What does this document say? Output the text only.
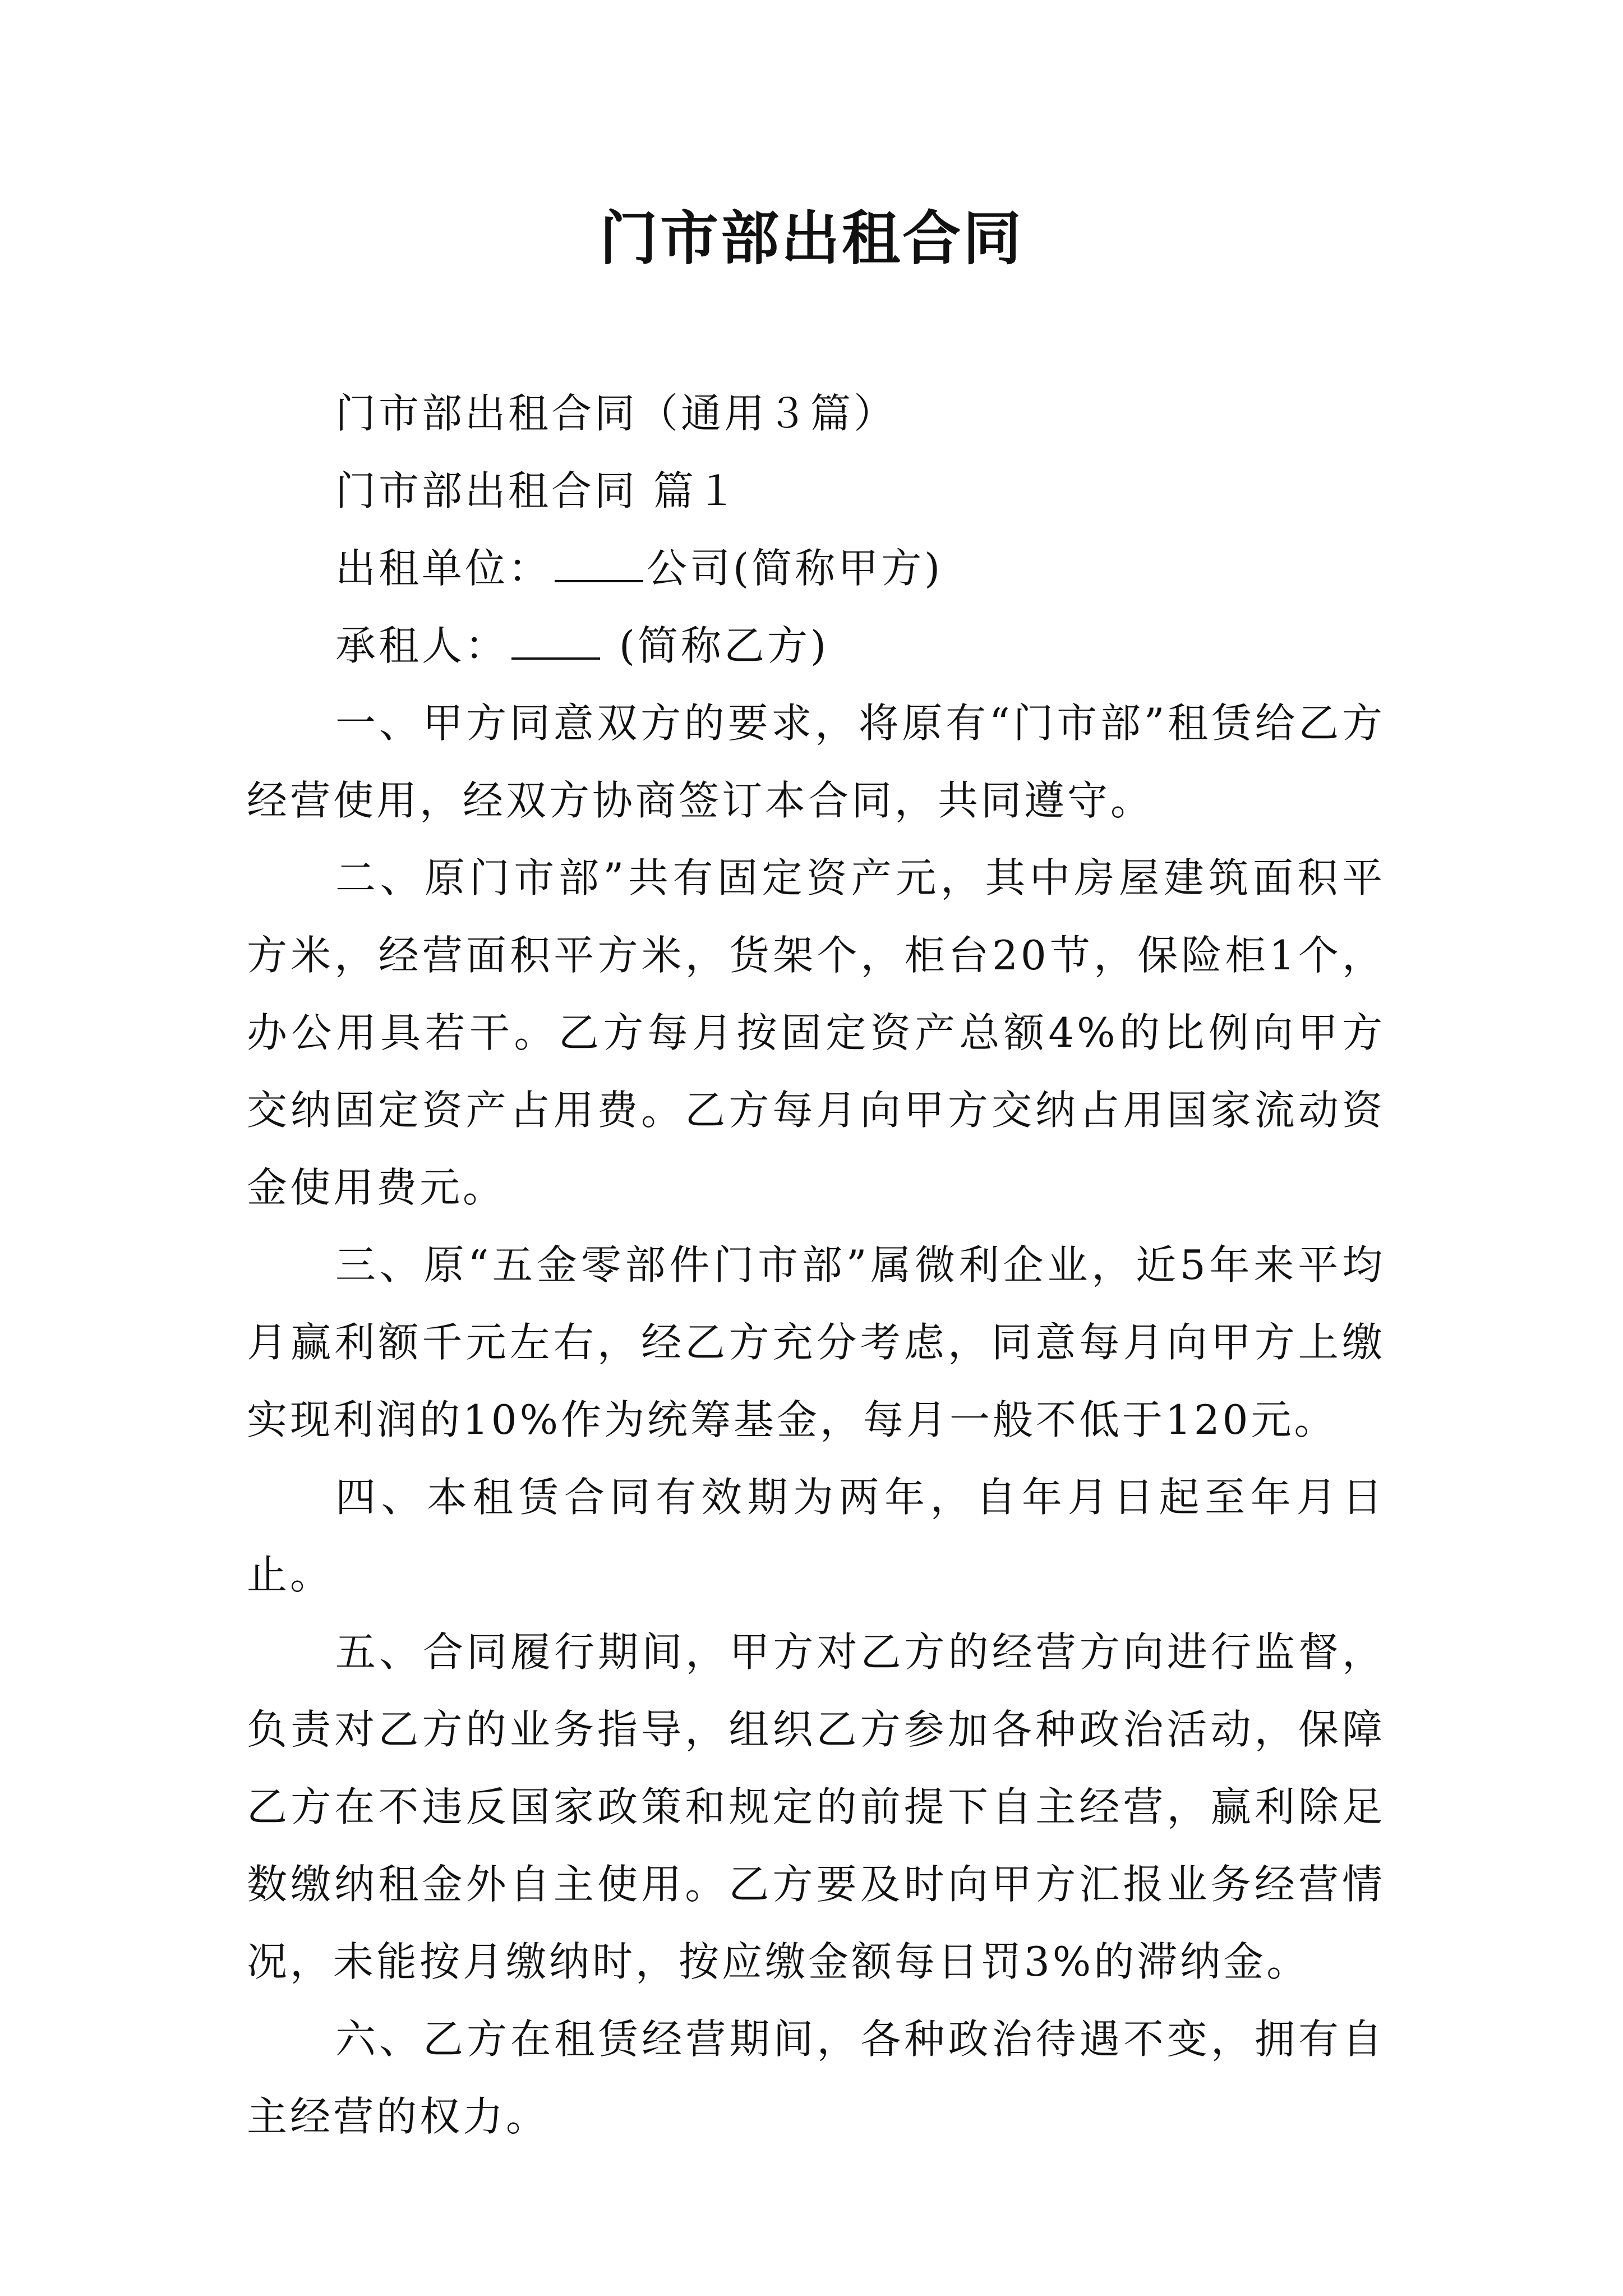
门市部出租合同

门市部出租合同（通用３篇）

门市部出租合同 篇１

出租单位： 公司(简称甲方)

承租人： (简称乙方)

一、甲方同意双方的要求，将原有“门市部”租赁给乙方经营使用，经双方协商签订本合同，共同遵守。

二、原门市部”共有固定资产元，其中房屋建筑面积平方米，经营面积平方米，货架个，柜台20节，保险柜1个，办公用具若干。乙方每月按固定资产总额4%的比例向甲方交纳固定资产占用费。乙方每月向甲方交纳占用国家流动资金使用费元。

三、原“五金零部件门市部”属微利企业，近5年来平均月赢利额千元左右，经乙方充分考虑，同意每月向甲方上缴实现利润的10%作为统筹基金，每月一般不低于120元。

四、本租赁合同有效期为两年，自年月日起至年月日止。

五、合同履行期间，甲方对乙方的经营方向进行监督，负责对乙方的业务指导，组织乙方参加各种政治活动，保障乙方在不违反国家政策和规定的前提下自主经营，赢利除足数缴纳租金外自主使用。乙方要及时向甲方汇报业务经营情况，未能按月缴纳时，按应缴金额每日罚3%的滞纳金。

六、乙方在租赁经营期间，各种政治待遇不变，拥有自主经营的权力。
